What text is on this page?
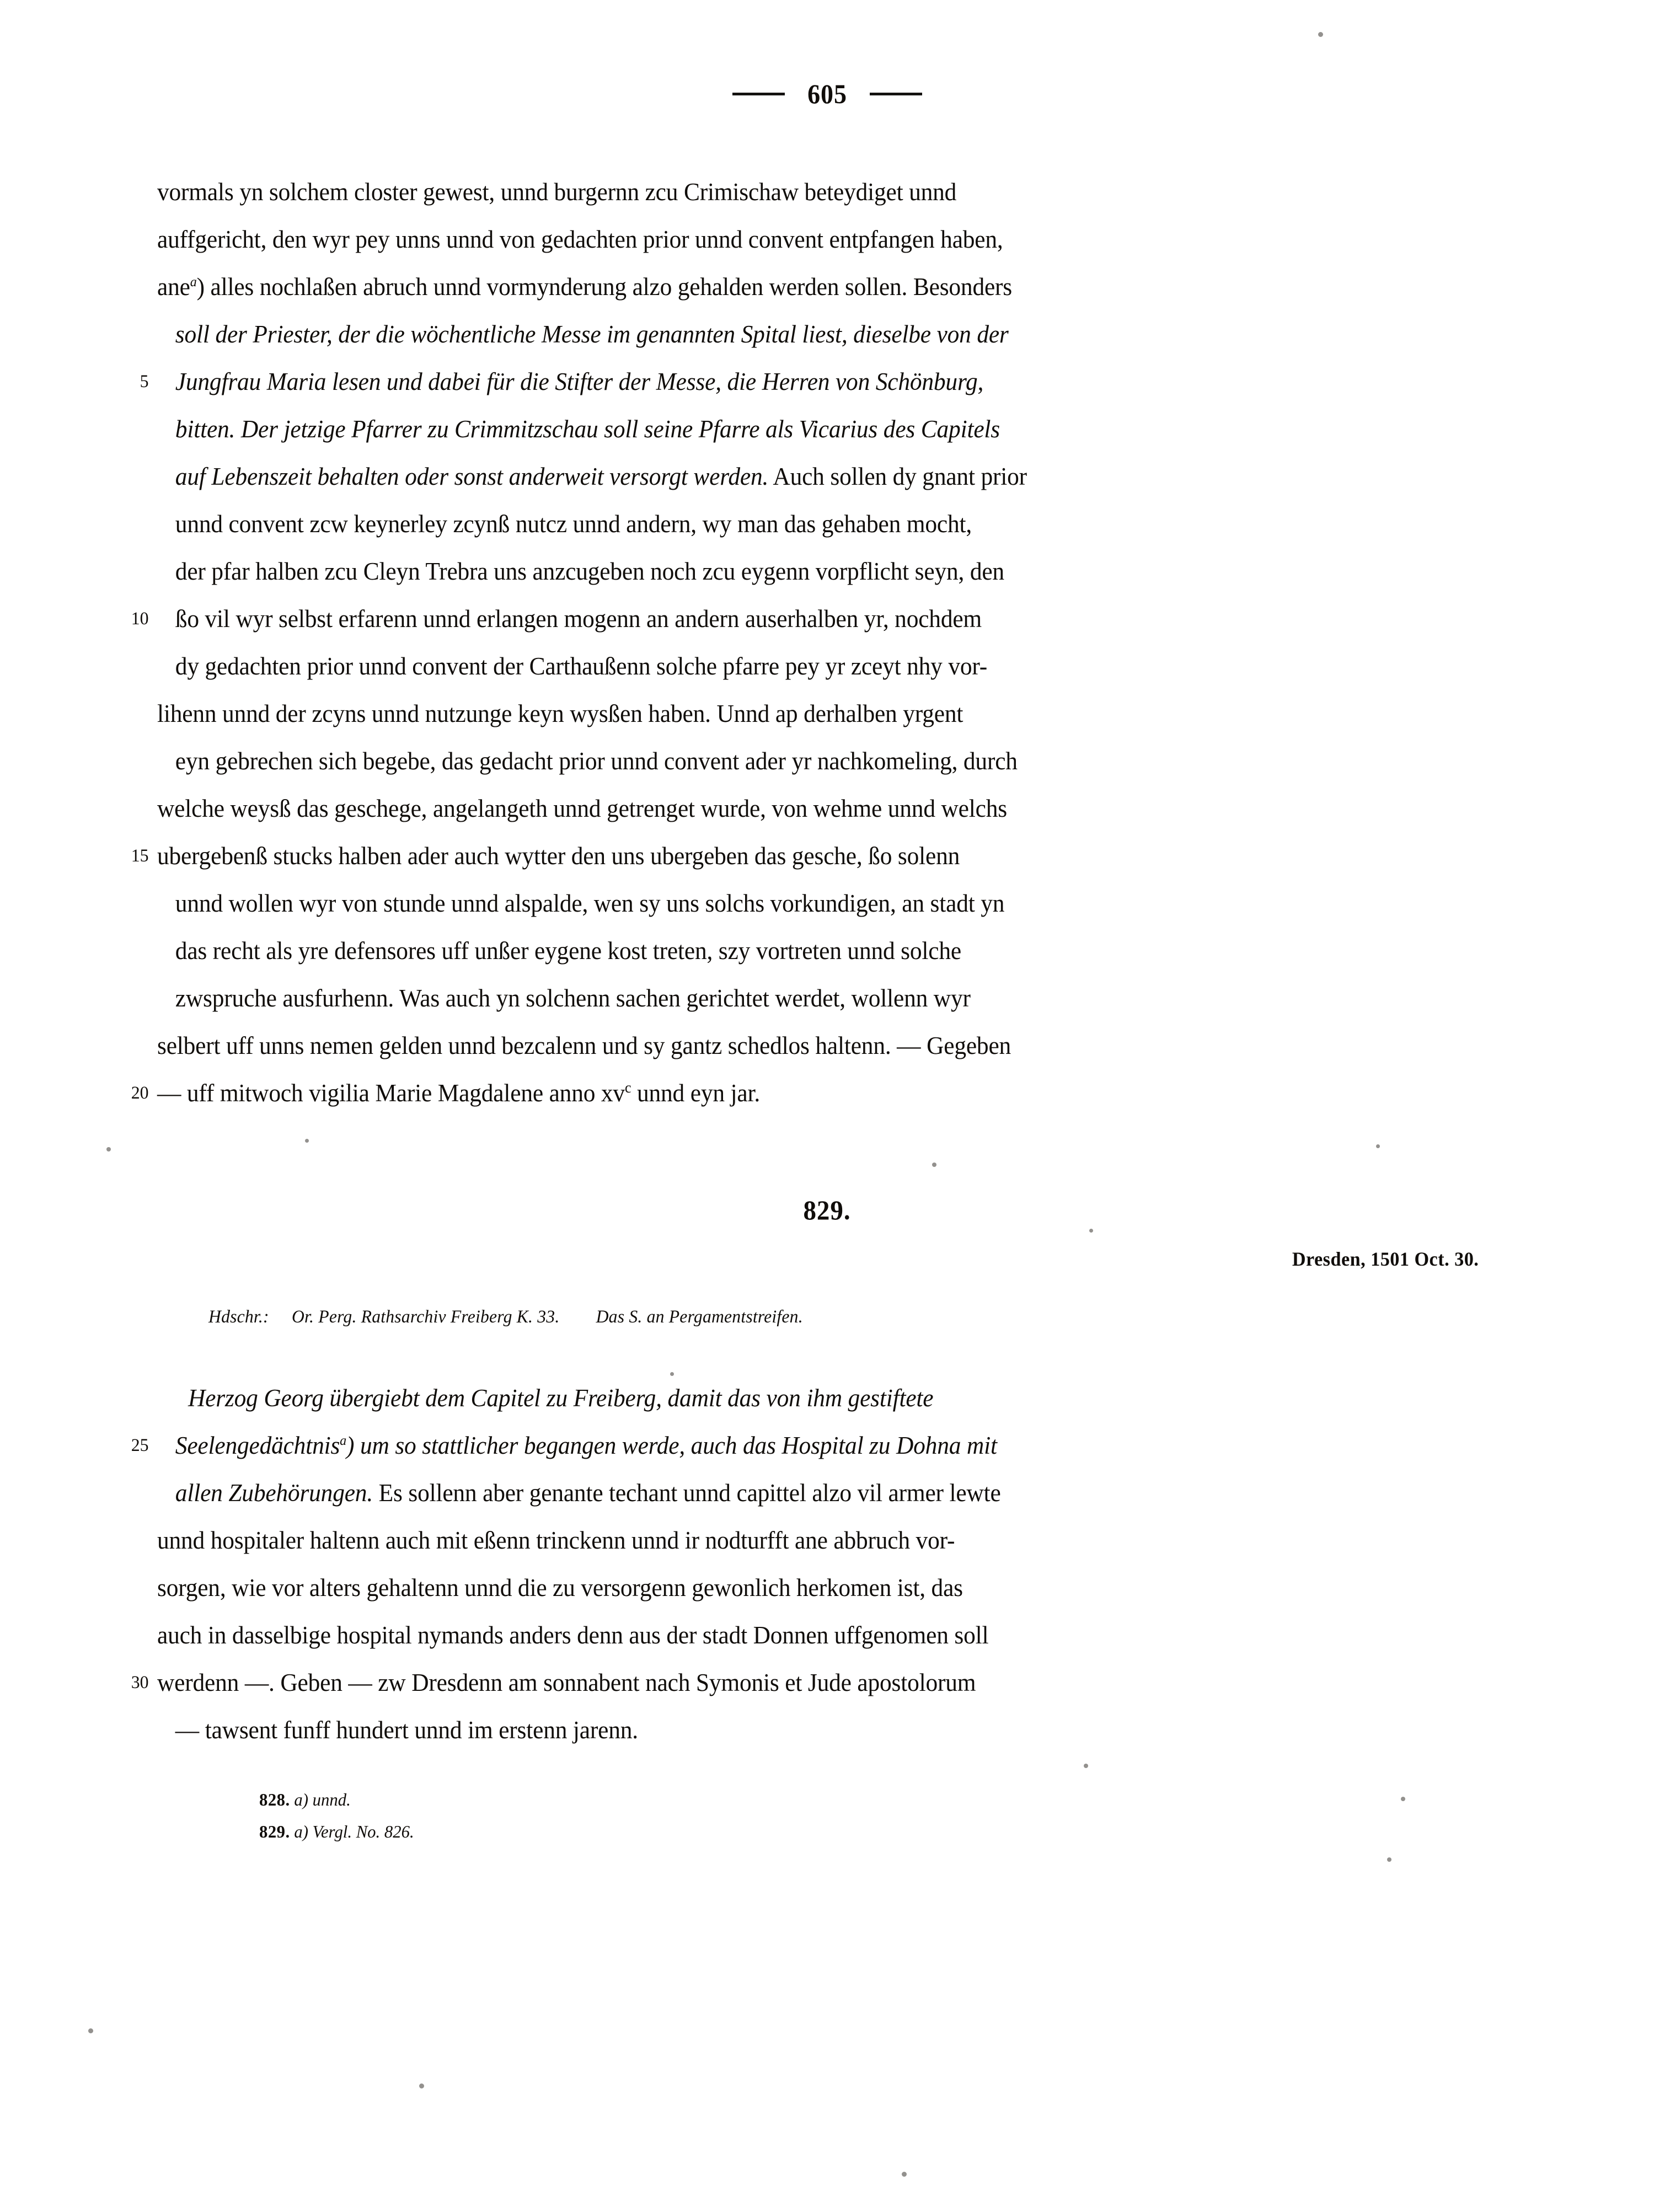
605
vormals yn solchem closter gewest, unnd burgernn zcu Crimischaw beteydiget unnd
auffgericht, den wyr pey unns unnd von gedachten prior unnd convent entpfangen haben,
ane$^a$) alles nochlaßen abruch unnd vormynderung alzo gehalden werden sollen. Besonders
soll der Priester, der die wöchentliche Messe im genannten Spital liest, dieselbe von der
5 Jungfrau Maria lesen und dabei für die Stifter der Messe, die Herren von Schönburg,
bitten. Der jetzige Pfarrer zu Crimmitzschau soll seine Pfarre als Vicarius des Capitels
auf Lebenszeit behalten oder sonst anderweit versorgt werden. Auch sollen dy gnant prior
unnd convent zcw keynerley zcynß nutcz unnd andern, wy man das gehaben mocht,
der pfar halben zcu Cleyn Trebra uns anzcugeben noch zcu eygenn vorpflicht seyn, den
10 ßo vil wyr selbst erfarenn unnd erlangen mogenn an andern auserhalben yr, nochdem
dy gedachten prior unnd convent der Carthaußenn solche pfarre pey yr zceyt nhy vor-
lihenn unnd der zcyns unnd nutzunge keyn wysßen haben. Unnd ap derhalben yrgent
eyn gebrechen sich begebe, das gedacht prior unnd convent ader yr nachkomeling, durch
welche weysß das geschege, angelangeth unnd getrenget wurde, von wehme unnd welchs
15 ubergebenß stucks halben ader auch wytter den uns ubergeben das gesche, ßo solenn
unnd wollen wyr von stunde unnd alspalde, wen sy uns solchs vorkundigen, an stadt yn
das recht als yre defensores uff unßer eygene kost treten, szy vortreten unnd solche
zwspruche ausfurhenn. Was auch yn solchenn sachen gerichtet werdet, wollenn wyr
selbert uff unns nemen gelden unnd bezcalenn und sy gantz schedlos haltenn. — Gegeben
20 — uff mitwoch vigilia Marie Magdalene anno $xv^c$ unnd eyn jar.
829.
Dresden, 1501 Oct. 30.
Hdschr.: Or. Perg. Rathsarchiv Freiberg K. 33. Das S. an Pergamentstreifen.
Herzog Georg übergiebt dem Capitel zu Freiberg, damit das von ihm gestiftete
25 Seelengedächtnis$^a$) um so stattlicher begangen werde, auch das Hospital zu Dohna mit
allen Zubehörungen. Es sollenn aber genante techant unnd capittel alzo vil armer lewte
unnd hospitaler haltenn auch mit eßenn trinckenn unnd ir nodturfft ane abbruch vor-
sorgen, wie vor alters gehaltenn unnd die zu versorgenn gewonlich herkomen ist, das
auch in dasselbige hospital nymands anders denn aus der stadt Donnen uffgenomen soll
30 werdenn —. Geben — zw Dresdenn am sonnabent nach Symonis et Jude apostolorum
— tawsent funff hundert unnd im erstenn jarenn.
828. a) unnd.
829. a) Vergl. No. 826.
